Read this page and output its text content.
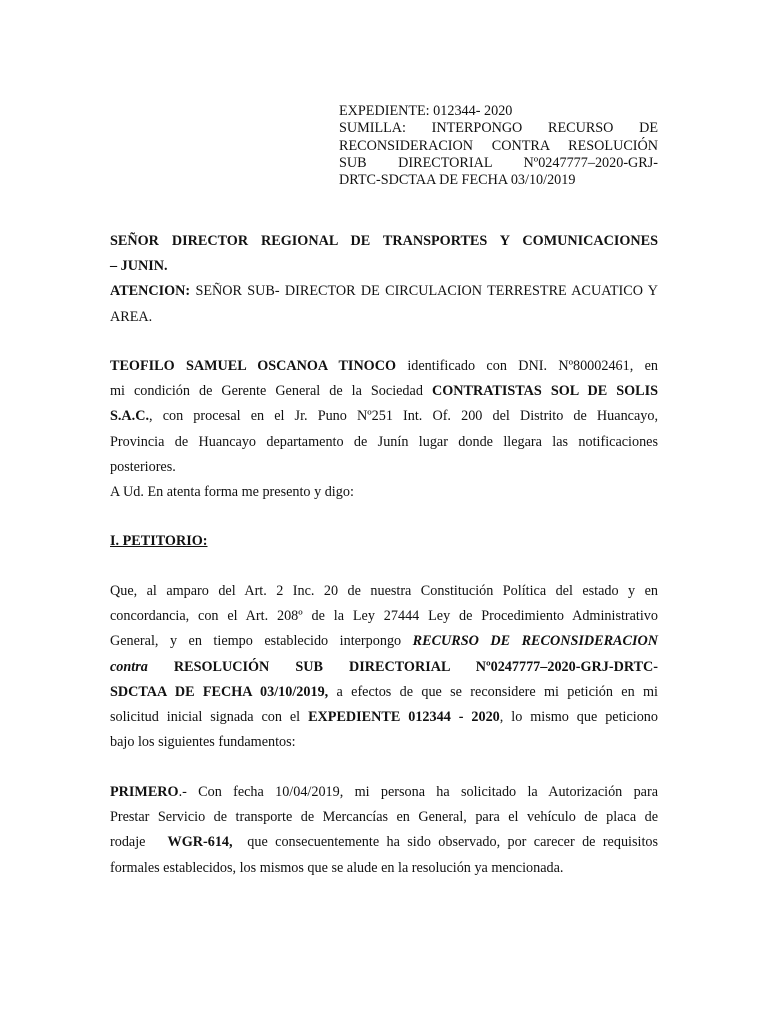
EXPEDIENTE: 012344- 2020
SUMILLA: INTERPONGO RECURSO DE
RECONSIDERACION CONTRA RESOLUCIÓN
SUB DIRECTORIAL Nº0247777–2020-GRJ-
DRTC-SDCTAA DE FECHA 03/10/2019
SEÑOR DIRECTOR REGIONAL DE TRANSPORTES Y COMUNICACIONES
– JUNIN.
ATENCION: SEÑOR SUB- DIRECTOR DE CIRCULACION TERRESTRE ACUATICO Y
AREA.
TEOFILO SAMUEL OSCANOA TINOCO identificado con DNI. Nº80002461, en
mi condición de Gerente General de la Sociedad CONTRATISTAS SOL DE SOLIS
S.A.C., con procesal en el Jr. Puno Nº251 Int. Of. 200 del Distrito de Huancayo,
Provincia de Huancayo departamento de Junín lugar donde llegara las notificaciones
posteriores.
A Ud. En atenta forma me presento y digo:
I. PETITORIO:
Que, al amparo del Art. 2 Inc. 20 de nuestra Constitución Política del estado y en
concordancia, con el Art. 208º de la Ley 27444 Ley de Procedimiento Administrativo
General, y en tiempo establecido interpongo RECURSO DE RECONSIDERACION
contra RESOLUCIÓN SUB DIRECTORIAL Nº0247777–2020-GRJ-DRTC-
SDCTAA DE FECHA 03/10/2019, a efectos de que se reconsidere mi petición en mi
solicitud inicial signada con el EXPEDIENTE 012344 - 2020, lo mismo que peticiono
bajo los siguientes fundamentos:
PRIMERO.- Con fecha 10/04/2019, mi persona ha solicitado la Autorización para
Prestar Servicio de transporte de Mercancías en General, para el vehículo de placa de
rodaje   WGR-614,  que consecuentemente ha sido observado, por carecer de requisitos
formales establecidos, los mismos que se alude en la resolución ya mencionada.
